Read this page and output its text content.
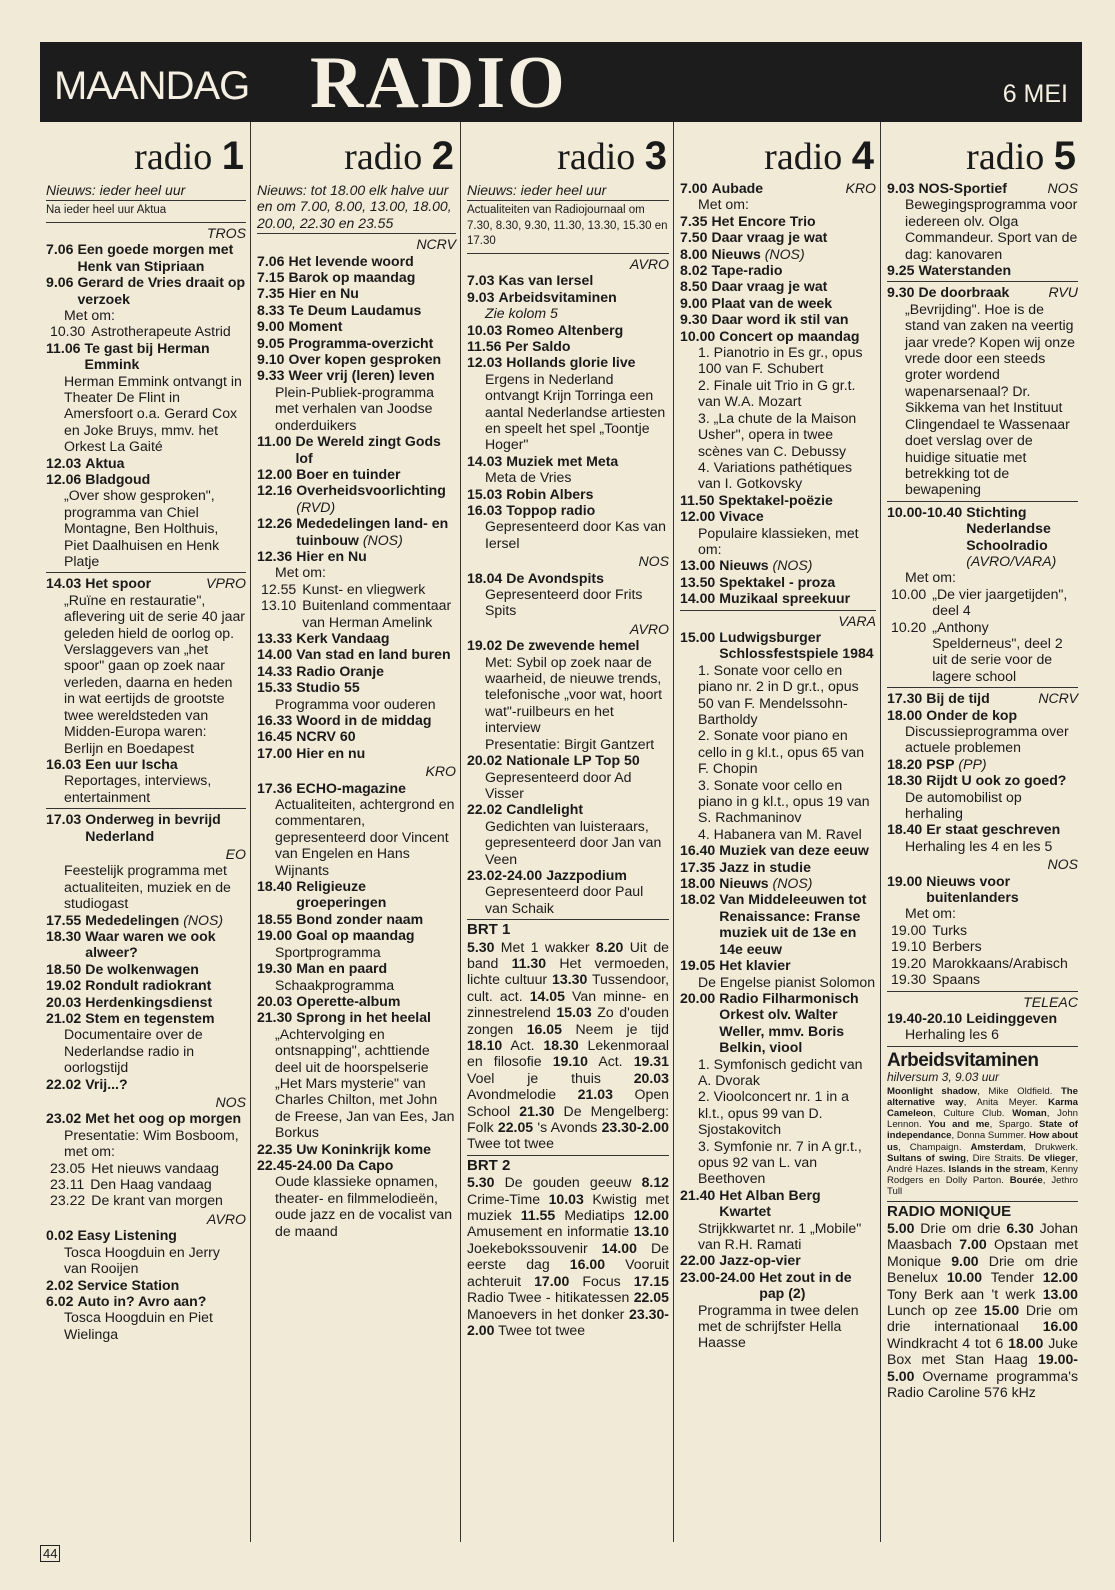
MAANDAG RADIO	6 MEI
radio 1
Nieuws: ieder heel uur
Na ieder heel uur Aktua
TROS
7.06 Een goede morgen met Henk van Stipriaan
9.06 Gerard de Vries draait op verzoek
Met om:
10.30 Astrotherapeute Astrid
11.06 Te gast bij Herman Emmink
Herman Emmink ontvangt in Theater De Flint in Amersfoort o.a. Gerard Cox en Joke Bruys, mmv. het Orkest La Gaité
12.03 Aktua
12.06 Bladgoud
„Over show gesproken", programma van Chiel Montagne, Ben Holthuis, Piet Daalhuisen en Henk Platje
14.03 Het spoor	VPRO
„Ruïne en restauratie", aflevering uit de serie 40 jaar geleden hield de oorlog op. Verslaggevers van „het spoor" gaan op zoek naar verleden, daarna en heden in wat eertijds de grootste twee wereldsteden van Midden-Europa waren: Berlijn en Boedapest
16.03 Een uur Ischa
Reportages, interviews, entertainment
17.03 Onderweg in bevrijd Nederland
EO
Feestelijk programma met actualiteiten, muziek en de studiogast
17.55 Mededelingen (NOS)
18.30 Waar waren we ook alweer?
18.50 De wolkenwagen
19.02 Rondult radiokrant
20.03 Herdenkingsdienst
21.02 Stem en tegenstem
Documentaire over de Nederlandse radio in oorlogstijd
22.02 Vrij...?
NOS
23.02 Met het oog op morgen
Presentatie: Wim Bosboom, met om:
23.05 Het nieuws vandaag
23.11 Den Haag vandaag
23.22 De krant van morgen
AVRO
0.02 Easy Listening
Tosca Hoogduin en Jerry van Rooijen
2.02 Service Station
6.02 Auto in? Avro aan?
Tosca Hoogduin en Piet Wielinga
radio 2
Nieuws: tot 18.00 elk halve uur en om 7.00, 8.00, 13.00, 18.00, 20.00, 22.30 en 23.55
NCRV
7.06 Het levende woord
7.15 Barok op maandag
7.35 Hier en Nu
8.33 Te Deum Laudamus
9.00 Moment
9.05 Programma-overzicht
9.10 Over kopen gesproken
9.33 Weer vrij (leren) leven
Plein-Publiek-programma met verhalen van Joodse onderduikers
11.00 De Wereld zingt Gods lof
12.00 Boer en tuinder
12.16 Overheidsvoorlichting (RVD)
12.26 Mededelingen land- en tuinbouw (NOS)
12.36 Hier en Nu
Met om:
12.55 Kunst- en vliegwerk
13.10 Buitenland commentaar van Herman Amelink
13.33 Kerk Vandaag
14.00 Van stad en land buren
14.33 Radio Oranje
15.33 Studio 55
Programma voor ouderen
16.33 Woord in de middag
16.45 NCRV 60
17.00 Hier en nu
KRO
17.36 ECHO-magazine
Actualiteiten, achtergrond en commentaren, gepresenteerd door Vincent van Engelen en Hans Wijnants
18.40 Religieuze groeperingen
18.55 Bond zonder naam
19.00 Goal op maandag
Sportprogramma
19.30 Man en paard
Schaakprogramma
20.03 Operette-album
21.30 Sprong in het heelal
„Achtervolging en ontsnapping", achttiende deel uit de hoorspelserie „Het Mars mysterie" van Charles Chilton, met John de Freese, Jan van Ees, Jan Borkus
22.35 Uw Koninkrijk kome
22.45-24.00 Da Capo
Oude klassieke opnamen, theater- en filmmelodieën, oude jazz en de vocalist van de maand
radio 3
Nieuws: ieder heel uur
Actualiteiten van Radiojournaal om 7.30, 8.30, 9.30, 11.30, 13.30, 15.30 en 17.30
AVRO
7.03 Kas van Iersel
9.03 Arbeidsvitaminen
Zie kolom 5
10.03 Romeo Altenberg
11.56 Per Saldo
12.03 Hollands glorie live
Ergens in Nederland ontvangt Krijn Torringa een aantal Nederlandse artiesten en speelt het spel „Toontje Hoger"
14.03 Muziek met Meta
Meta de Vries
15.03 Robin Albers
16.03 Toppop radio
Gepresenteerd door Kas van Iersel
NOS
18.04 De Avondspits
Gepresenteerd door Frits Spits
AVRO
19.02 De zwevende hemel
Met: Sybil op zoek naar de waarheid, de nieuwe trends, telefonische „voor wat, hoort wat"-ruilbeurs en het interview
Presentatie: Birgit Gantzert
20.02 Nationale LP Top 50
Gepresenteerd door Ad Visser
22.02 Candlelight
Gedichten van luisteraars, gepresenteerd door Jan van Veen
23.02-24.00 Jazzpodium
Gepresenteerd door Paul van Schaik
BRT 1
5.30 Met 1 wakker 8.20 Uit de band 11.30 Het vermoeden, lichte cultuur 13.30 Tussendoor, cult. act. 14.05 Van minne- en zinnestrelend 15.03 Zo d'ouden zongen 16.05 Neem je tijd 18.10 Act. 18.30 Lekenmoraal en filosofie 19.10 Act. 19.31 Voel je thuis 20.03 Avondmelodie 21.03 Open School 21.30 De Mengelberg: Folk 22.05 's Avonds 23.30-2.00 Twee tot twee
BRT 2
5.30 De gouden geeuw 8.12 Crime-Time 10.03 Kwistig met muziek 11.55 Mediatips 12.00 Amusement en informatie 13.10 Joekebokssouvenir 14.00 De eerste dag 16.00 Vooruit achteruit 17.00 Focus 17.15 Radio Twee - hitikatessen 22.05 Manoevers in het donker 23.30-2.00 Twee tot twee
radio 4
7.00 Aubade	KRO
Met om:
7.35 Het Encore Trio
7.50 Daar vraag je wat
8.00 Nieuws (NOS)
8.02 Tape-radio
8.50 Daar vraag je wat
9.00 Plaat van de week
9.30 Daar word ik stil van
10.00 Concert op maandag
1. Pianotrio in Es gr., opus 100 van F. Schubert
2. Finale uit Trio in G gr.t. van W.A. Mozart
3. „La chute de la Maison Usher", opera in twee scènes van C. Debussy
4. Variations pathétiques van I. Gotkovsky
11.50 Spektakel-poëzie
12.00 Vivace
Populaire klassieken, met om:
13.00 Nieuws (NOS)
13.50 Spektakel - proza
14.00 Muzikaal spreekuur
VARA
15.00 Ludwigsburger Schlossfestspiele 1984
1. Sonate voor cello en piano nr. 2 in D gr.t., opus 50 van F. Mendelssohn-Bartholdy
2. Sonate voor piano en cello in g kl.t., opus 65 van F. Chopin
3. Sonate voor cello en piano in g kl.t., opus 19 van S. Rachmaninov
4. Habanera van M. Ravel
16.40 Muziek van deze eeuw
17.35 Jazz in studie
18.00 Nieuws (NOS)
18.02 Van Middeleeuwen tot Renaissance: Franse muziek uit de 13e en 14e eeuw
19.05 Het klavier
De Engelse pianist Solomon
20.00 Radio Filharmonisch Orkest olv. Walter Weller, mmv. Boris Belkin, viool
1. Symfonisch gedicht van A. Dvorak
2. Vioolconcert nr. 1 in a kl.t., opus 99 van D. Sjostakovitch
3. Symfonie nr. 7 in A gr.t., opus 92 van L. van Beethoven
21.40 Het Alban Berg Kwartet
Strijkkwartet nr. 1 „Mobile" van R.H. Ramati
22.00 Jazz-op-vier
23.00-24.00 Het zout in de pap (2)
Programma in twee delen met de schrijfster Hella Haasse
radio 5
9.03 NOS-Sportief	NOS
Bewegingsprogramma voor iedereen olv. Olga Commandeur. Sport van de dag: kanovaren
9.25 Waterstanden
9.30 De doorbraak	RVU
„Bevrijding". Hoe is de stand van zaken na veertig jaar vrede? Kopen wij onze vrede door een steeds groter wordend wapenarsenaal? Dr. Sikkema van het Instituut Clingendael te Wassenaar doet verslag over de huidige situatie met betrekking tot de bewapening
10.00-10.40 Stichting Nederlandse Schoolradio (AVRO/VARA)
Met om:
10.00 „De vier jaargetijden", deel 4
10.20 „Anthony Spelderneus", deel 2 uit de serie voor de lagere school
17.30 Bij de tijd	NCRV
18.00 Onder de kop
Discussieprogramma over actuele problemen
18.20 PSP (PP)
18.30 Rijdt U ook zo goed?
De automobilist op herhaling
18.40 Er staat geschreven
Herhaling les 4 en les 5
NOS
19.00 Nieuws voor buitenlanders
Met om:
19.00 Turks
19.10 Berbers
19.20 Marokkaans/Arabisch
19.30 Spaans
TELEAC
19.40-20.10 Leidinggeven
Herhaling les 6
Arbeidsvitaminen
hilversum 3, 9.03 uur
Moonlight shadow, Mike Oldfield. The alternative way, Anita Meyer. Karma Cameleon, Culture Club. Woman, John Lennon. You and me, Spargo. State of independance, Donna Summer. How about us, Champaign. Amsterdam, Drukwerk. Sultans of swing, Dire Straits. De vlieger, André Hazes. Islands in the stream, Kenny Rodgers en Dolly Parton. Bourée, Jethro Tull
RADIO MONIQUE
5.00 Drie om drie 6.30 Johan Maasbach 7.00 Opstaan met Monique 9.00 Drie om drie Benelux 10.00 Tender 12.00 Tony Berk aan 't werk 13.00 Lunch op zee 15.00 Drie om drie internationaal 16.00 Windkracht 4 tot 6 18.00 Juke Box met Stan Haag 19.00-5.00 Overname programma's Radio Caroline 576 kHz
44
